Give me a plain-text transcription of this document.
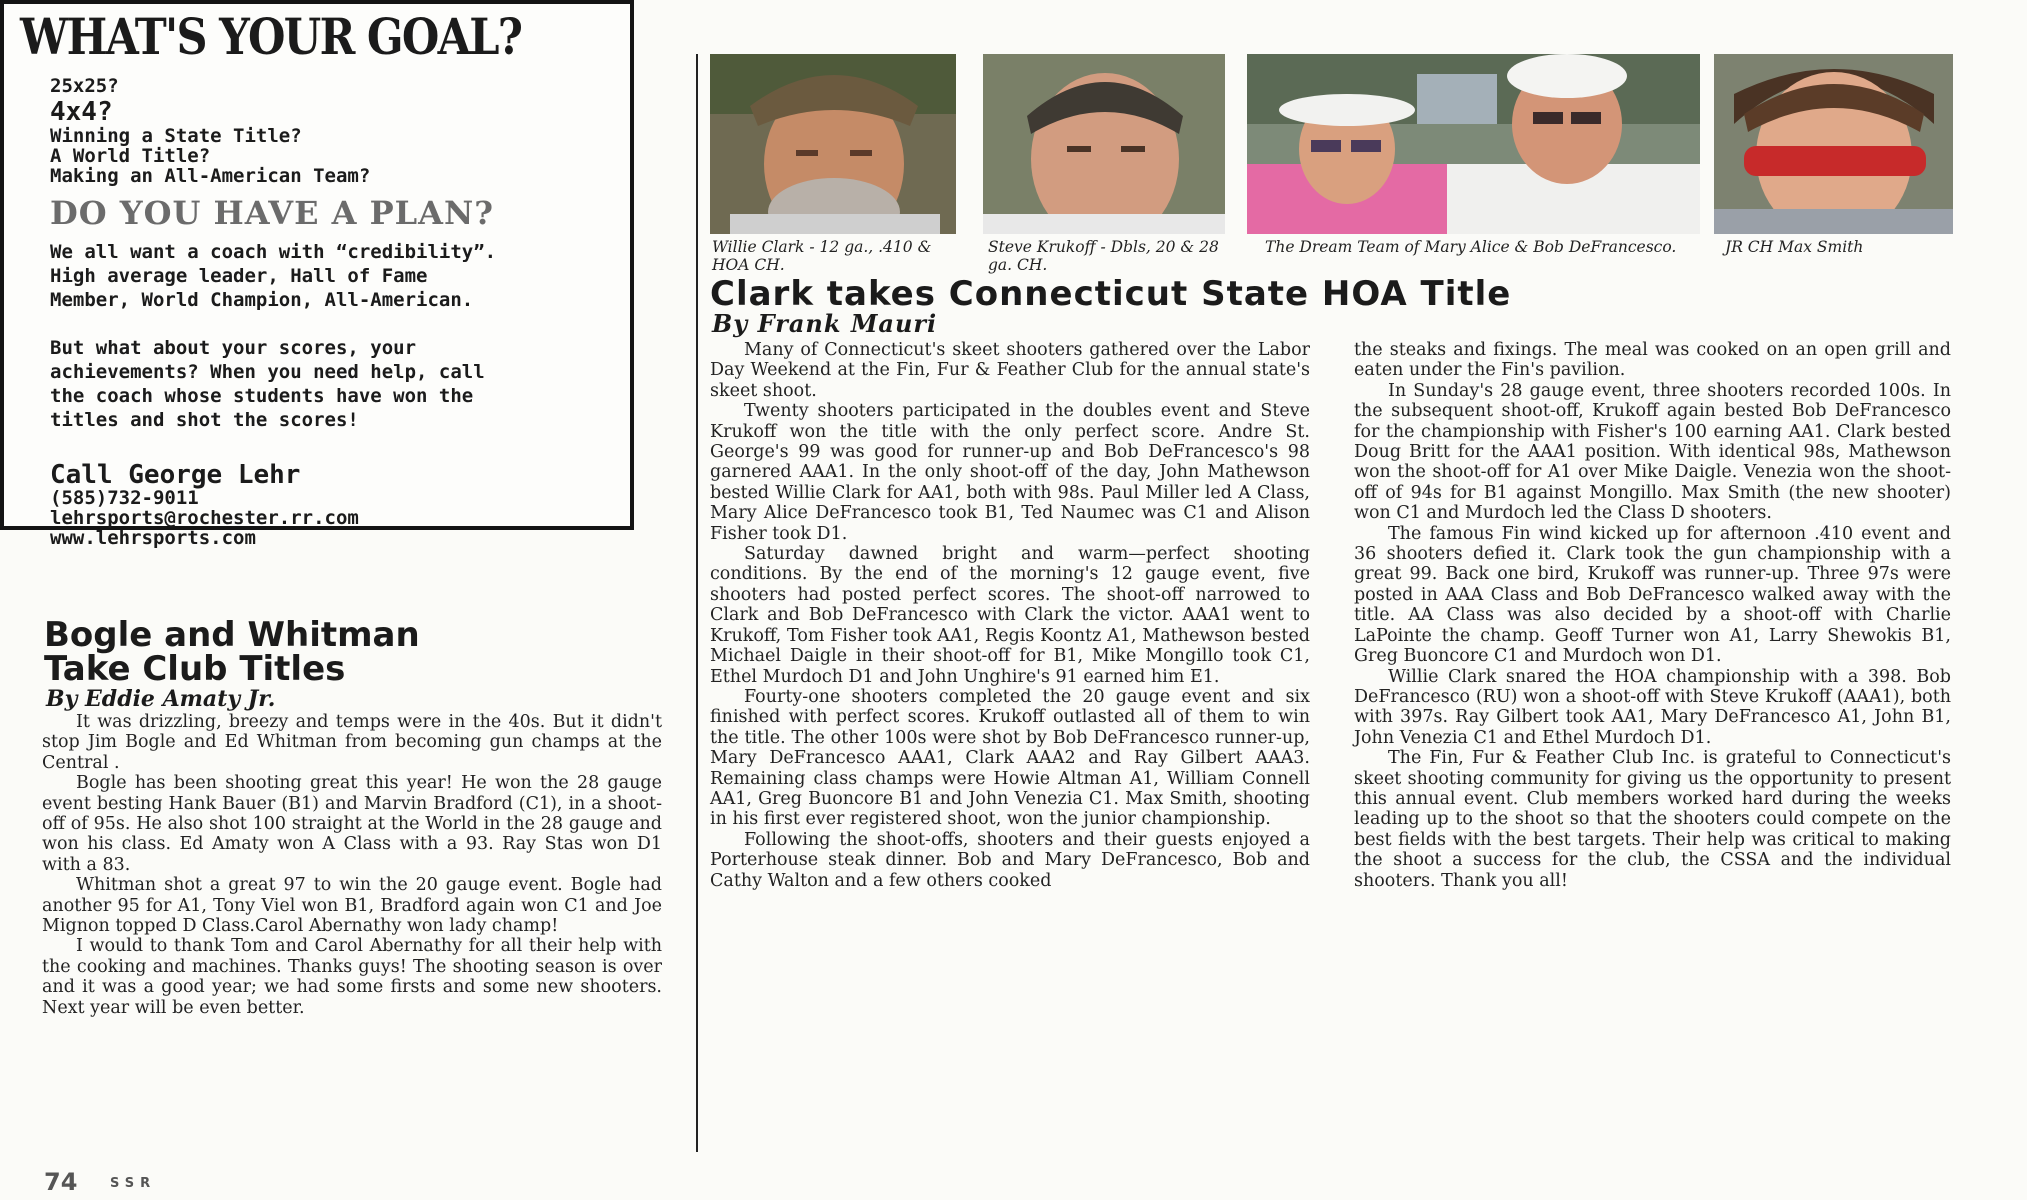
WHAT'S YOUR GOAL?
25x25?
4x4?
Winning a State Title?
A World Title?
Making an All-American Team?
DO YOU HAVE A PLAN?

We all want a coach with “credibility”.

High average leader, Hall of Fame

Member, World Champion, All-American.

But what about your scores, your

achievements? When you need help, call

the coach whose students have won the

titles and shot the scores!

Call George Lehr
(585)732-9011
lehrsports@rochester.rr.com
www.lehrsports.com
Bogle and Whitman
Take Club Titles
By Eddie Amaty Jr.

It was drizzling, breezy and temps were in the 40s. But it didn't stop Jim Bogle and Ed Whitman from becoming gun champs at the Central .

Bogle has been shooting great this year! He won the 28 gauge event besting Hank Bauer (B1) and Marvin Bradford (C1), in a shoot-off of 95s. He also shot 100 straight at the World in the 28 gauge and won his class. Ed Amaty won A Class with a 93. Ray Stas won D1 with a 83.

Whitman shot a great 97 to win the 20 gauge event. Bogle had another 95 for A1, Tony Viel won B1, Bradford again won C1 and Joe Mignon topped D Class.Carol Abernathy won lady champ!

I would to thank Tom and Carol Abernathy for all their help with the cooking and machines. Thanks guys! The shooting season is over and it was a good year; we had some firsts and some new shooters. Next year will be even better.

74	SSR
Willie Clark - 12 ga., .410 & HOA CH.
Steve Krukoff - Dbls, 20 & 28 ga. CH.
The Dream Team of Mary Alice & Bob DeFrancesco.	JR CH Max Smith
Clark takes Connecticut State HOA Title
By Frank Mauri

Many of Connecticut's skeet shooters gathered over the Labor Day Weekend at the Fin, Fur & Feather Club for the annual state's skeet shoot.

Twenty shooters participated in the doubles event and Steve Krukoff won the title with the only perfect score. Andre St. George's 99 was good for runner-up and Bob DeFrancesco's 98 garnered AAA1. In the only shoot-off of the day, John Mathewson bested Willie Clark for AA1, both with 98s. Paul Miller led A Class, Mary Alice DeFrancesco took B1, Ted Naumec was C1 and Alison Fisher took D1.

Saturday dawned bright and warm—perfect shooting conditions. By the end of the morning's 12 gauge event, five shooters had posted perfect scores. The shoot-off narrowed to Clark and Bob DeFrancesco with Clark the victor. AAA1 went to Krukoff, Tom Fisher took AA1, Regis Koontz A1, Mathewson bested Michael Daigle in their shoot-off for B1, Mike Mongillo took C1, Ethel Murdoch D1 and John Unghire's 91 earned him E1.

Fourty-one shooters completed the 20 gauge event and six finished with perfect scores. Krukoff outlasted all of them to win the title. The other 100s were shot by Bob DeFrancesco runner-up, Mary DeFrancesco AAA1, Clark AAA2 and Ray Gilbert AAA3. Remaining class champs were Howie Altman A1, William Connell AA1, Greg Buoncore B1 and John Venezia C1. Max Smith, shooting in his first ever registered shoot, won the junior championship.

Following the shoot-offs, shooters and their guests enjoyed a Porterhouse steak dinner. Bob and Mary DeFrancesco, Bob and Cathy Walton and a few others cooked

the steaks and fixings. The meal was cooked on an open grill and eaten under the Fin's pavilion.

In Sunday's 28 gauge event, three shooters recorded 100s. In the subsequent shoot-off, Krukoff again bested Bob DeFrancesco for the championship with Fisher's 100 earning AA1. Clark bested Doug Britt for the AAA1 position. With identical 98s, Mathewson won the shoot-off for A1 over Mike Daigle. Venezia won the shoot-off of 94s for B1 against Mongillo. Max Smith (the new shooter) won C1 and Murdoch led the Class D shooters.

The famous Fin wind kicked up for afternoon .410 event and 36 shooters defied it. Clark took the gun championship with a great 99. Back one bird, Krukoff was runner-up. Three 97s were posted in AAA Class and Bob DeFrancesco walked away with the title. AA Class was also decided by a shoot-off with Charlie LaPointe the champ. Geoff Turner won A1, Larry Shewokis B1, Greg Buoncore C1 and Murdoch won D1.

Willie Clark snared the HOA championship with a 398. Bob DeFrancesco (RU) won a shoot-off with Steve Krukoff (AAA1), both with 397s. Ray Gilbert took AA1, Mary DeFrancesco A1, John B1, John Venezia C1 and Ethel Murdoch D1.

The Fin, Fur & Feather Club Inc. is grateful to Connecticut's skeet shooting community for giving us the opportunity to present this annual event. Club members worked hard during the weeks leading up to the shoot so that the shooters could compete on the best fields with the best targets. Their help was critical to making the shoot a success for the club, the CSSA and the individual shooters. Thank you all!
